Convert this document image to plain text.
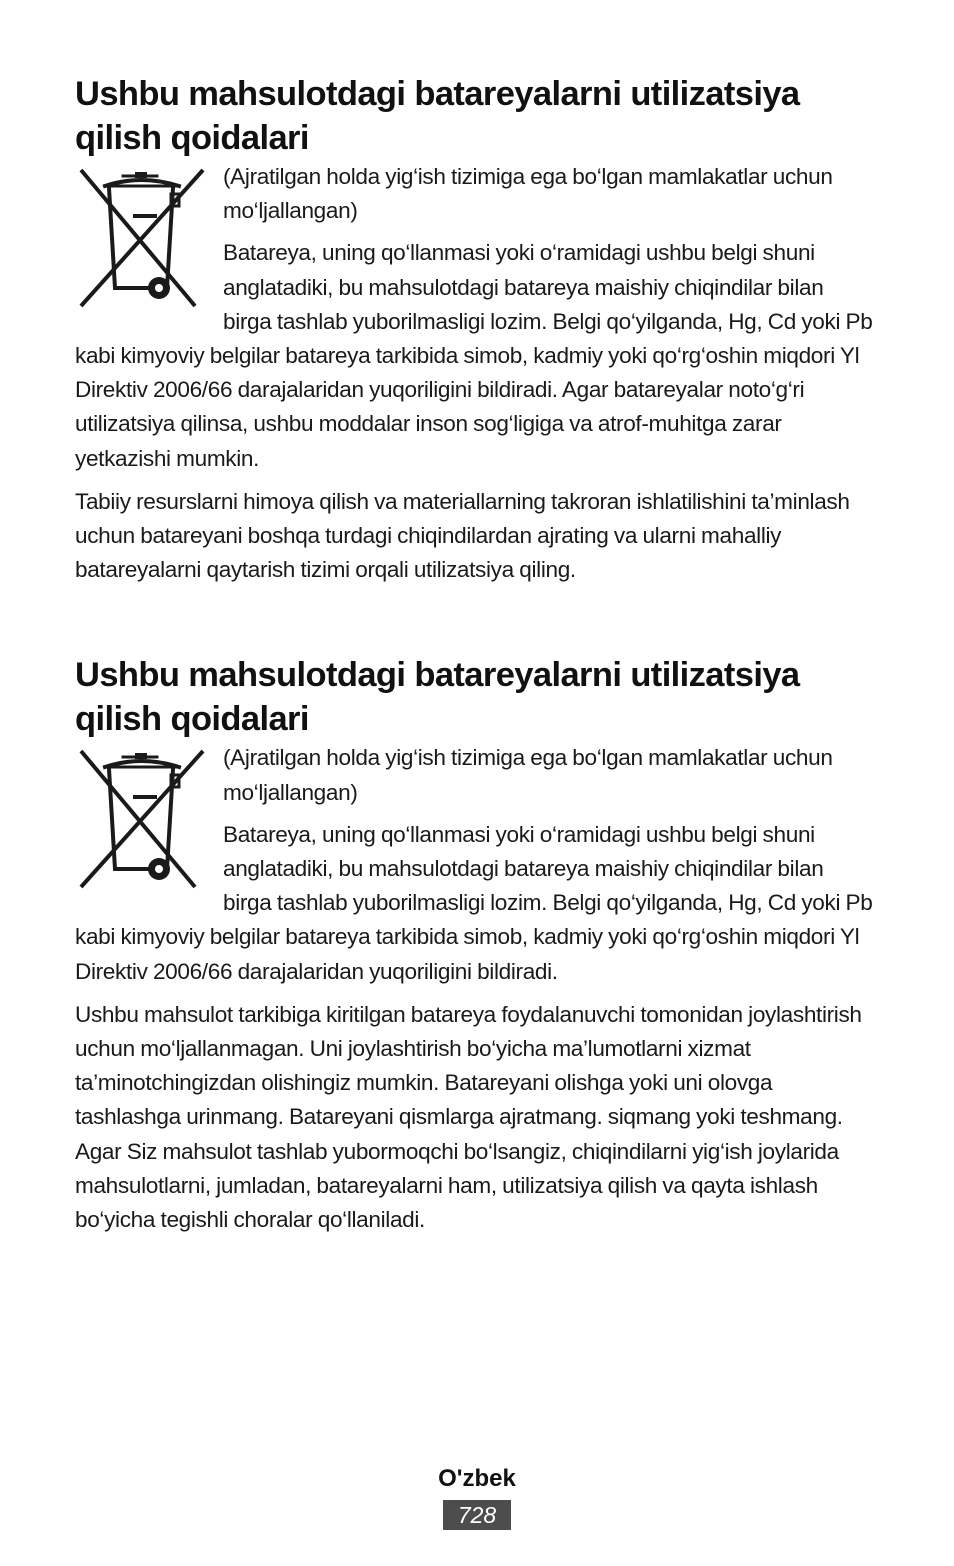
Ushbu mahsulotdagi batareyalarni utilizatsiya qilish qoidalari

(Ajratilgan holda yig‘ish tizimiga ega bo‘lgan mamlakatlar uchun mo‘ljallangan)

Batareya, uning qo‘llanmasi yoki o‘ramidagi ushbu belgi shuni anglatadiki, bu mahsulotdagi batareya maishiy chiqindilar bilan birga tashlab yuborilmasligi lozim. Belgi qo‘yilganda, Hg, Cd yoki Pb kabi kimyoviy belgilar batareya tarkibida simob, kadmiy yoki qo‘rg‘oshin miqdori Yl Direktiv 2006/66 darajalaridan yuqoriligini bildiradi. Agar batareyalar noto‘g‘ri utilizatsiya qilinsa, ushbu moddalar inson sog‘ligiga va atrof-muhitga zarar yetkazishi mumkin.

Tabiiy resurslarni himoya qilish va materiallarning takroran ishlatilishini ta’minlash uchun batareyani boshqa turdagi chiqindilardan ajrating va ularni mahalliy batareyalarni qaytarish tizimi orqali utilizatsiya qiling.

Ushbu mahsulotdagi batareyalarni utilizatsiya qilish qoidalari

(Ajratilgan holda yig‘ish tizimiga ega bo‘lgan mamlakatlar uchun mo‘ljallangan)

Batareya, uning qo‘llanmasi yoki o‘ramidagi ushbu belgi shuni anglatadiki, bu mahsulotdagi batareya maishiy chiqindilar bilan birga tashlab yuborilmasligi lozim. Belgi qo‘yilganda, Hg, Cd yoki Pb kabi kimyoviy belgilar batareya tarkibida simob, kadmiy yoki qo‘rg‘oshin miqdori Yl Direktiv 2006/66 darajalaridan yuqoriligini bildiradi.

Ushbu mahsulot tarkibiga kiritilgan batareya foydalanuvchi tomonidan joylashtirish uchun mo‘ljallanmagan. Uni joylashtirish bo‘yicha ma’lumotlarni xizmat ta’minotchingizdan olishingiz mumkin. Batareyani olishga yoki uni olovga tashlashga urinmang. Batareyani qismlarga ajratmang. siqmang yoki teshmang. Agar Siz mahsulot tashlab yubormoqchi bo‘lsangiz, chiqindilarni yig‘ish joylarida mahsulotlarni, jumladan, batareyalarni ham, utilizatsiya qilish va qayta ishlash bo‘yicha tegishli choralar qo‘llaniladi.

O'zbek
728
